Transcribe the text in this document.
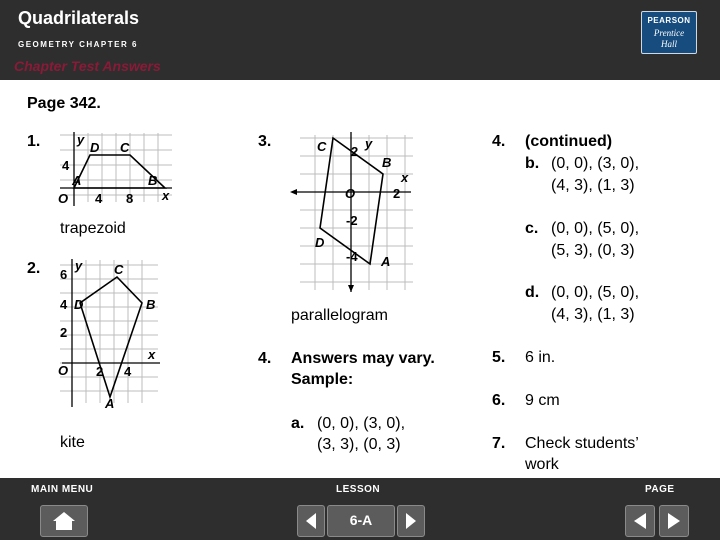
Quadrilaterals
GEOMETRY CHAPTER 6
Chapter Test Answers
PEARSON
Prentice
Hall
Page 342.
1.	y
x
D C
A	B
O
4
4 8
trapezoid
2.	y
x
C
D	B
A
O
6
4
2
2 4
kite
3.	C	y
B
x
O
D
A
2
2
-2
-4
parallelogram
4. Answers may vary.
Sample:
a. (0, 0), (3, 0),
(3, 3), (0, 3)
4. (continued)
b. (0, 0), (3, 0),
(4, 3), (1, 3)
c. (0, 0), (5, 0),
(5, 3), (0, 3)
d. (0, 0), (5, 0),
(4, 3), (1, 3)
5. 6 in.
6. 9 cm
7. Check students’
work
MAIN MENU	LESSON	PAGE
6-A
